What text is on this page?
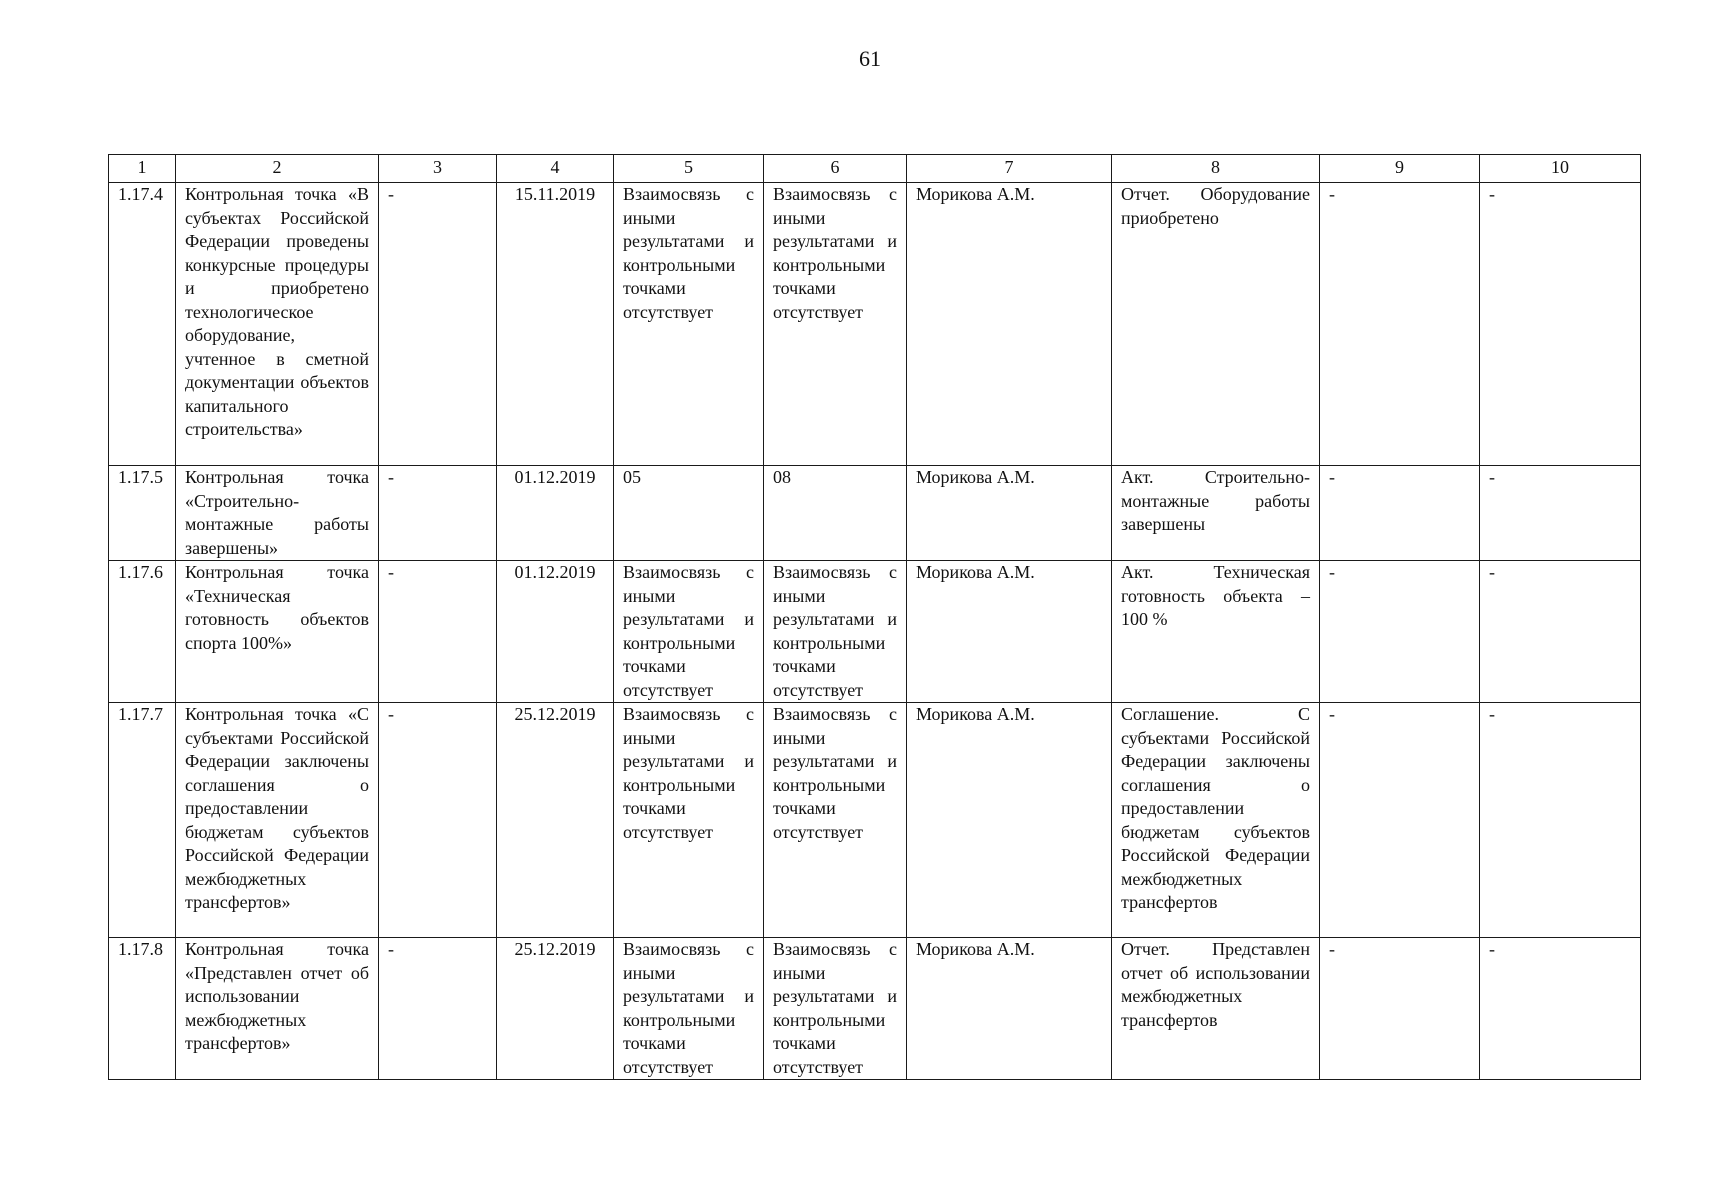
61
1	2	3	4	5	6	7	8	9	10
1.17.4	Контрольная точка «В субъектах Российской Федерации проведены конкурсные процедуры и приобретено технологическое оборудование, учтенное в сметной документации объектов капитального строительства»	-	15.11.2019	Взаимосвязь с иными результатами и контрольными точками отсутствует	Взаимосвязь с иными результатами и контрольными точками отсутствует	Морикова А.М.	Отчет. Оборудование приобретено	-	-
1.17.5	Контрольная точка «Строительно-монтажные работы завершены»	-	01.12.2019	05	08	Морикова А.М.	Акт. Строительно-монтажные работы завершены	-	-
1.17.6	Контрольная точка «Техническая готовность объектов спорта 100%»	-	01.12.2019	Взаимосвязь с иными результатами и контрольными точками отсутствует	Взаимосвязь с иными результатами и контрольными точками отсутствует	Морикова А.М.	Акт. Техническая готовность объекта – 100 %	-	-
1.17.7	Контрольная точка «С субъектами Российской Федерации заключены соглашения о предоставлении бюджетам субъектов Российской Федерации межбюджетных трансфертов»	-	25.12.2019	Взаимосвязь с иными результатами и контрольными точками отсутствует	Взаимосвязь с иными результатами и контрольными точками отсутствует	Морикова А.М.	Соглашение. С субъектами Российской Федерации заключены соглашения о предоставлении бюджетам субъектов Российской Федерации межбюджетных трансфертов	-	-
1.17.8	Контрольная точка «Представлен отчет об использовании межбюджетных трансфертов»	-	25.12.2019	Взаимосвязь с иными результатами и контрольными точками отсутствует	Взаимосвязь с иными результатами и контрольными точками отсутствует	Морикова А.М.	Отчет. Представлен отчет об использовании межбюджетных трансфертов	-	-
